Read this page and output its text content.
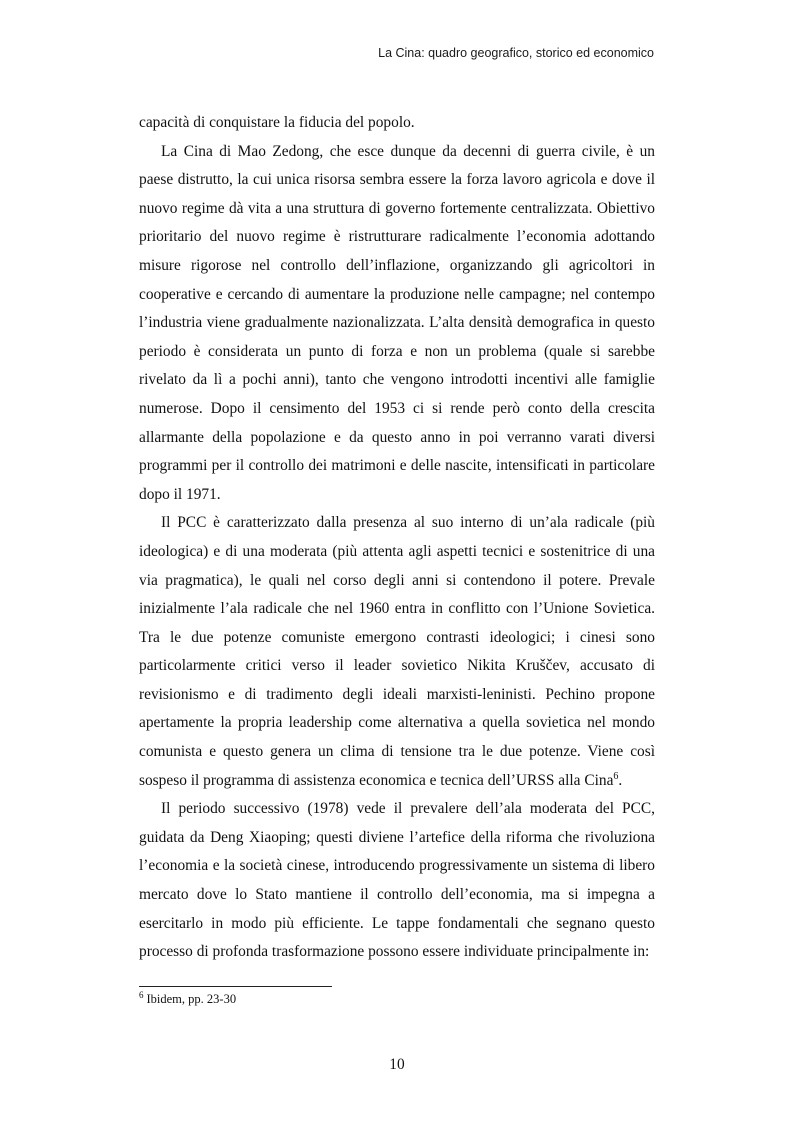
La Cina: quadro geografico, storico ed economico

capacità di conquistare la fiducia del popolo.

La Cina di Mao Zedong, che esce dunque da decenni di guerra civile, è un paese distrutto, la cui unica risorsa sembra essere la forza lavoro agricola e dove il nuovo regime dà vita a una struttura di governo fortemente centralizzata. Obiettivo prioritario del nuovo regime è ristrutturare radicalmente l’economia adottando misure rigorose nel controllo dell’inflazione, organizzando gli agricoltori in cooperative e cercando di aumentare la produzione nelle campagne; nel contempo l’industria viene gradualmente nazionalizzata. L’alta densità demografica in questo periodo è considerata un punto di forza e non un problema (quale si sarebbe rivelato da lì a pochi anni), tanto che vengono introdotti incentivi alle famiglie numerose. Dopo il censimento del 1953 ci si rende però conto della crescita allarmante della popolazione e da questo anno in poi verranno varati diversi programmi per il controllo dei matrimoni e delle nascite, intensificati in particolare dopo il 1971.

Il PCC è caratterizzato dalla presenza al suo interno di un’ala radicale (più ideologica) e di una moderata (più attenta agli aspetti tecnici e sostenitrice di una via pragmatica), le quali nel corso degli anni si contendono il potere. Prevale inizialmente l’ala radicale che nel 1960 entra in conflitto con l’Unione Sovietica. Tra le due potenze comuniste emergono contrasti ideologici; i cinesi sono particolarmente critici verso il leader sovietico Nikita Kruščev, accusato di revisionismo e di tradimento degli ideali marxisti-leninisti. Pechino propone apertamente la propria leadership come alternativa a quella sovietica nel mondo comunista e questo genera un clima di tensione tra le due potenze. Viene così sospeso il programma di assistenza economica e tecnica dell’URSS alla Cina$^6$.

Il periodo successivo (1978) vede il prevalere dell’ala moderata del PCC, guidata da Deng Xiaoping; questi diviene l’artefice della riforma che rivoluziona l’economia e la società cinese, introducendo progressivamente un sistema di libero mercato dove lo Stato mantiene il controllo dell’economia, ma si impegna a esercitarlo in modo più efficiente. Le tappe fondamentali che segnano questo processo di profonda trasformazione possono essere individuate principalmente in:

$^6$ Ibidem, pp. 23-30
10
